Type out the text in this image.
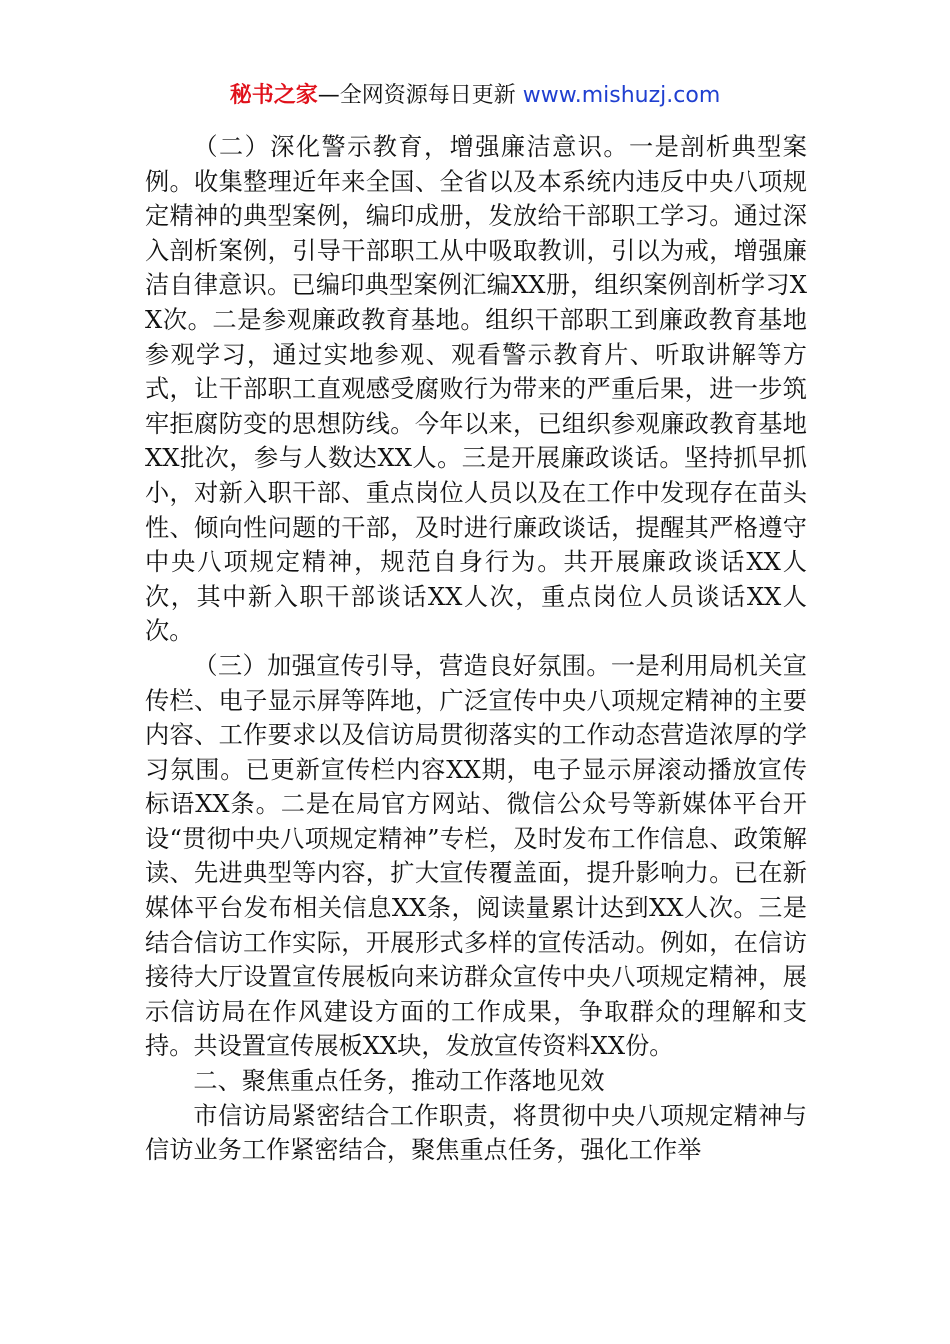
秘书之家—全网资源每日更新 www.mishuzj.com

（二）深化警示教育，增强廉洁意识。一是剖析典型案例。收集整理近年来全国、全省以及本系统内违反中央八项规定精神的典型案例，编印成册，发放给干部职工学习。通过深入剖析案例，引导干部职工从中吸取教训，引以为戒，增强廉洁自律意识。已编印典型案例汇编XX册，组织案例剖析学习XX次。二是参观廉政教育基地。组织干部职工到廉政教育基地参观学习，通过实地参观、观看警示教育片、听取讲解等方式，让干部职工直观感受腐败行为带来的严重后果，进一步筑牢拒腐防变的思想防线。今年以来，已组织参观廉政教育基地XX批次，参与人数达XX人。三是开展廉政谈话。坚持抓早抓小，对新入职干部、重点岗位人员以及在工作中发现存在苗头性、倾向性问题的干部，及时进行廉政谈话，提醒其严格遵守中央八项规定精神，规范自身行为。共开展廉政谈话XX人次，其中新入职干部谈话XX人次，重点岗位人员谈话XX人次。

（三）加强宣传引导，营造良好氛围。一是利用局机关宣传栏、电子显示屏等阵地，广泛宣传中央八项规定精神的主要内容、工作要求以及信访局贯彻落实的工作动态营造浓厚的学习氛围。已更新宣传栏内容XX期，电子显示屏滚动播放宣传标语XX条。二是在局官方网站、微信公众号等新媒体平台开设“贯彻中央八项规定精神”专栏，及时发布工作信息、政策解读、先进典型等内容，扩大宣传覆盖面，提升影响力。已在新媒体平台发布相关信息XX条，阅读量累计达到XX人次。三是结合信访工作实际，开展形式多样的宣传活动。例如，在信访接待大厅设置宣传展板向来访群众宣传中央八项规定精神，展示信访局在作风建设方面的工作成果，争取群众的理解和支持。共设置宣传展板XX块，发放宣传资料XX份。

二、聚焦重点任务，推动工作落地见效

市信访局紧密结合工作职责，将贯彻中央八项规定精神与信访业务工作紧密结合，聚焦重点任务，强化工作举
